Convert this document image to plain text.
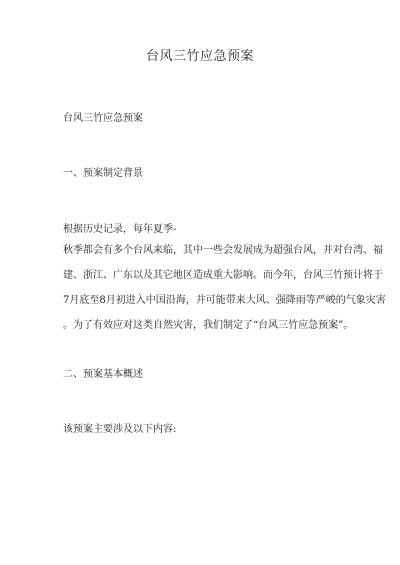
台风三竹应急预案
台风三竹应急预案
一、预案制定背景
根据历史记录，每年夏季-
秋季都会有多个台风来临，其中一些会发展成为超强台风，并对台湾、福
建、浙江、广东以及其它地区造成重大影响。而今年，台风三竹预计将于
7月底至8月初进入中国沿海，并可能带来大风、强降雨等严峻的气象灾害
。为了有效应对这类自然灾害，我们制定了“台风三竹应急预案”。
二、预案基本概述
该预案主要涉及以下内容:
